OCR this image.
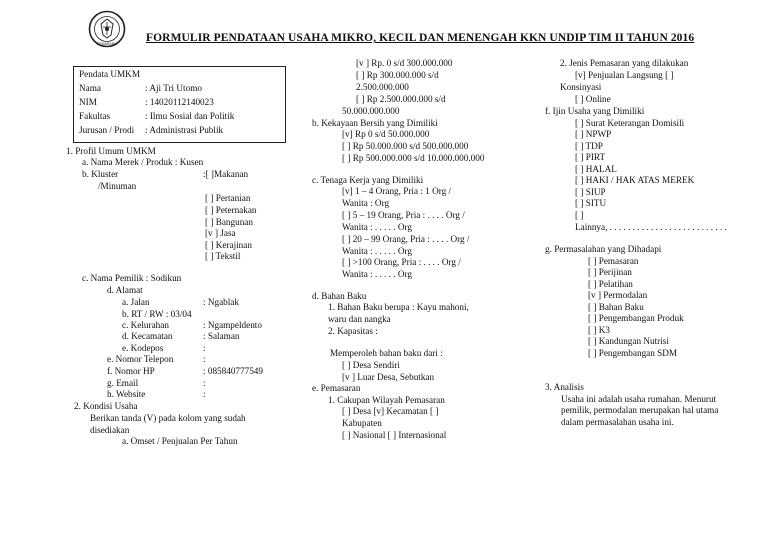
SEMARANG	FORMULIR PENDATAAN USAHA MIKRO, KECIL DAN MENENGAH KKN UNDIP TIM II TAHUN 2016
Pendata UMKM
Nama	: Aji Tri Utomo
NIM	: 14020112140023
Fakultas	: Ilmu Sosial dan Politik
Jurusan / Prodi : Administrasi Publik
1. Profil Umum UMKM
a. Nama Merek / Produk : Kusen
b. Kluster	:[ ]Makanan
/Minuman
[ ] Pertanian
[ ] Peternakan
[ ] Bangunan
[v ] Jasa
[ ] Kerajinan
[ ] Tekstil
c. Nama Pemilik : Sodikun
d. Alamat
a. Jalan	: Ngablak
b. RT / RW : 03/04
c. Kelurahan	: Ngampeldento
d. Kecamatan	: Salaman
e. Kodepos	:
e. Nomor Telepon	:
f. Nomor HP	: 085840777549
g. Email	:
h. Website	:
2. Kondisi Usaha
Berikan tanda (V) pada kolom yang sudah
disediakan
a. Omset / Penjualan Per Tahun
[v ] Rp. 0 s/d 300.000.000
[ ] Rp 300.000.000 s/d
2.500.000.000
[ ] Rp 2.500.000.000 s/d
50.000.000.000
b. Kekayaan Bersih yang Dimiliki
[v] Rp 0 s/d 50.000.000
[ ] Rp 50.000.000 s/d 500.000.000
[ ] Rp 500.000.000 s/d 10.000.000.000
c. Tenaga Kerja yang Dimiliki
[v] 1 – 4 Orang, Pria : 1 Org /
Wanita : Org
[ ] 5 – 19 Orang, Pria : . . . . Org /
Wanita : . . . . . Org
[ ] 20 – 99 Orang, Pria : . . . . Org /
Wanita : . . . . . Org
[ ] >100 Orang, Pria : . . . . Org /
Wanita : . . . . . Org
d. Bahan Baku
1. Bahan Baku berupa : Kayu mahoni,
waru dan nangka
2. Kapasitas :
Memperoleh bahan baku dari :
[ ] Desa Sendiri
[v ] Luar Desa, Sebutkan
e. Pemasaran
1. Cakupan Wilayah Pemasaran
[ ] Desa [v] Kecamatan [ ]
Kabupaten
[ ] Nasional [ ] Internasional
2. Jenis Pemasaran yang dilakukan
[v] Penjualan Langsung [ ]
Konsinyasi
[ ] Online
f. Ijin Usaha yang Dimiliki
[ ] Surat Keterangan Domisili
[ ] NPWP
[ ] TDP
[ ] PIRT
[ ] HALAL
[ ] HAKI / HAK ATAS MEREK
[ ] SIUP
[ ] SITU
[ ]
Lainnya, . . . . . . . . . . . . . . . . . . . . . . . . . .
g. Permasalahan yang Dihadapi
[ ] Pemasaran
[ ] Perijinan
[ ] Pelatihan
[v ] Permodalan
[ ] Bahan Baku
[ ] Pengembangan Produk
[ ] K3
[ ] Kandungan Nutrisi
[ ] Pengembangan SDM
3. Analisis
Usaha ini adalah usaha rumahan. Menurut
pemilik, permodalan merupakan hal utama
dalam permasalahan usaha ini.
